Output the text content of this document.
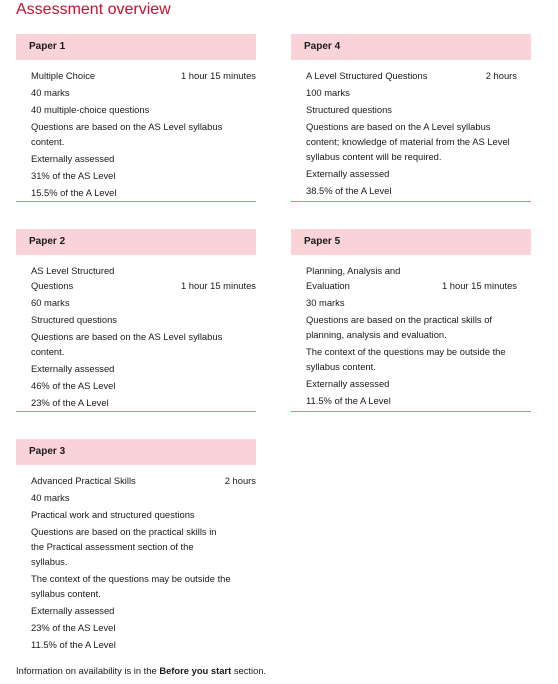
Assessment overview
Paper 1
Multiple Choice	1 hour 15 minutes
40 marks
40 multiple-choice questions
Questions are based on the AS Level syllabus content.
Externally assessed
31% of the AS Level
15.5% of the A Level
Paper 4
A Level Structured Questions	2 hours
100 marks
Structured questions
Questions are based on the A Level syllabus content; knowledge of material from the AS Level syllabus content will be required.
Externally assessed
38.5% of the A Level
Paper 2
AS Level Structured Questions	1 hour 15 minutes
60 marks
Structured questions
Questions are based on the AS Level syllabus content.
Externally assessed
46% of the AS Level
23% of the A Level
Paper 5
Planning, Analysis and Evaluation	1 hour 15 minutes
30 marks
Questions are based on the practical skills of planning, analysis and evaluation.
The context of the questions may be outside the syllabus content.
Externally assessed
11.5% of the A Level
Paper 3
Advanced Practical Skills	2 hours
40 marks
Practical work and structured questions
Questions are based on the practical skills in the Practical assessment section of the syllabus.
The context of the questions may be outside the syllabus content.
Externally assessed
23% of the AS Level
11.5% of the A Level
Information on availability is in the Before you start section.
